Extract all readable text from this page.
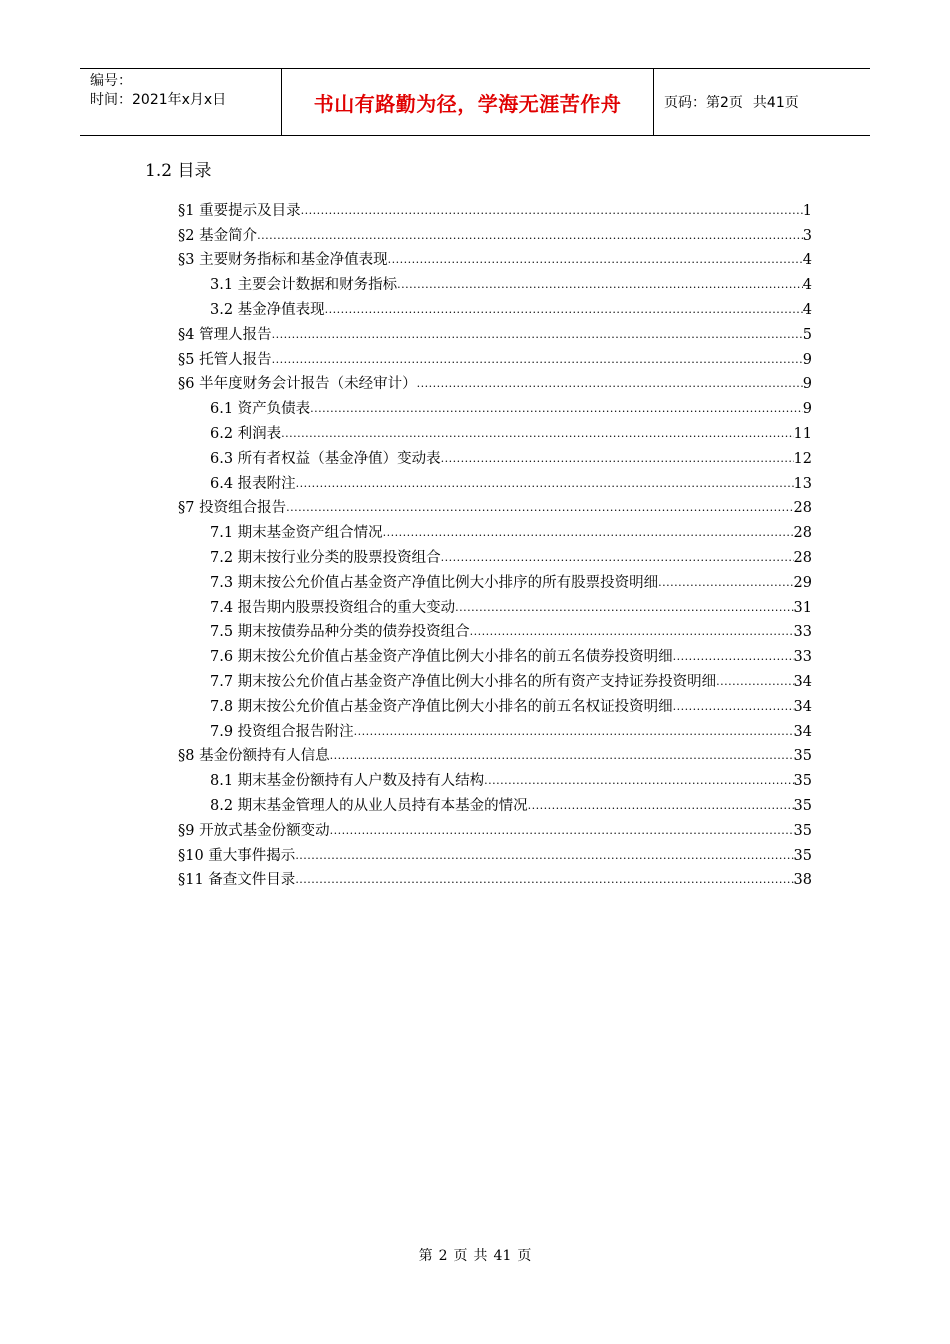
编号：
时间：2021年x月x日	书山有路勤为径，学海无涯苦作舟	页码：第2页 共41页
1.2 目录
§1 重要提示及目录 .....	1
§2 基金简介 .....	3
§3 主要财务指标和基金净值表现 .....	4
3.1 主要会计数据和财务指标 .....	4
3.2 基金净值表现 .....	4
§4 管理人报告 .....	5
§5 托管人报告 .....	9
§6 半年度财务会计报告（未经审计） .....	9
6.1 资产负债表 .....	9
6.2 利润表 .....	11
6.3 所有者权益（基金净值）变动表 .....	12
6.4 报表附注 .....	13
§7 投资组合报告 .....	28
7.1 期末基金资产组合情况 .....	28
7.2 期末按行业分类的股票投资组合 .....	28
7.3 期末按公允价值占基金资产净值比例大小排序的所有股票投资明细 .....	29
7.4 报告期内股票投资组合的重大变动 .....	31
7.5 期末按债券品种分类的债券投资组合 .....	33
7.6 期末按公允价值占基金资产净值比例大小排名的前五名债券投资明细 .....	33
7.7 期末按公允价值占基金资产净值比例大小排名的所有资产支持证券投资明细 .....	34
7.8 期末按公允价值占基金资产净值比例大小排名的前五名权证投资明细 .....	34
7.9 投资组合报告附注 .....	34
§8 基金份额持有人信息 .....	35
8.1 期末基金份额持有人户数及持有人结构 .....	35
8.2 期末基金管理人的从业人员持有本基金的情况 .....	35
§9 开放式基金份额变动 .....	35
§10 重大事件揭示 .....	35
§11 备查文件目录 .....	38
第 2 页 共 41 页
